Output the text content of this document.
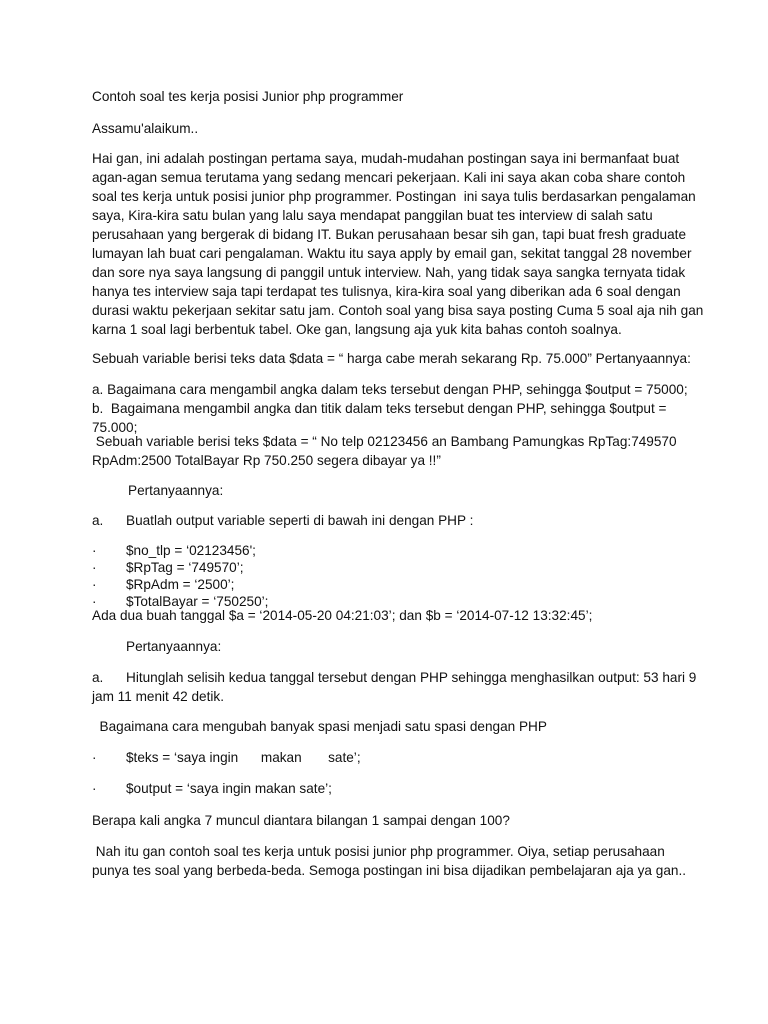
Contoh soal tes kerja posisi Junior php programmer
Assamu'alaikum..
Hai gan, ini adalah postingan pertama saya, mudah-mudahan postingan saya ini bermanfaat buat
agan-agan semua terutama yang sedang mencari pekerjaan. Kali ini saya akan coba share contoh
soal tes kerja untuk posisi junior php programmer. Postingan  ini saya tulis berdasarkan pengalaman
saya, Kira-kira satu bulan yang lalu saya mendapat panggilan buat tes interview di salah satu
perusahaan yang bergerak di bidang IT. Bukan perusahaan besar sih gan, tapi buat fresh graduate
lumayan lah buat cari pengalaman. Waktu itu saya apply by email gan, sekitat tanggal 28 november
dan sore nya saya langsung di panggil untuk interview. Nah, yang tidak saya sangka ternyata tidak
hanya tes interview saja tapi terdapat tes tulisnya, kira-kira soal yang diberikan ada 6 soal dengan
durasi waktu pekerjaan sekitar satu jam. Contoh soal yang bisa saya posting Cuma 5 soal aja nih gan
karna 1 soal lagi berbentuk tabel. Oke gan, langsung aja yuk kita bahas contoh soalnya.
Sebuah variable berisi teks data $data = “ harga cabe merah sekarang Rp. 75.000” Pertanyaannya:
a. Bagaimana cara mengambil angka dalam teks tersebut dengan PHP, sehingga $output = 75000;
b.  Bagaimana mengambil angka dan titik dalam teks tersebut dengan PHP, sehingga $output =
75.000;
Sebuah variable berisi teks $data = “ No telp 02123456 an Bambang Pamungkas RpTag:749570
RpAdm:2500 TotalBayar Rp 750.250 segera dibayar ya !!”
Pertanyaannya:
a. Buatlah output variable seperti di bawah ini dengan PHP :
· $no_tlp = ‘02123456';
· $RpTag = ‘749570’;
· $RpAdm = ‘2500’;
· $TotalBayar = ‘750250’;
Ada dua buah tanggal $a = ‘2014-05-20 04:21:03’; dan $b = ‘2014-07-12 13:32:45’;
Pertanyaannya:
a. Hitunglah selisih kedua tanggal tersebut dengan PHP sehingga menghasilkan output: 53 hari 9
jam 11 menit 42 detik.
Bagaimana cara mengubah banyak spasi menjadi satu spasi dengan PHP
· $teks = ‘saya ingin      makan       sate’;
· $output = ‘saya ingin makan sate’;
Berapa kali angka 7 muncul diantara bilangan 1 sampai dengan 100?
Nah itu gan contoh soal tes kerja untuk posisi junior php programmer. Oiya, setiap perusahaan
punya tes soal yang berbeda-beda. Semoga postingan ini bisa dijadikan pembelajaran aja ya gan..
